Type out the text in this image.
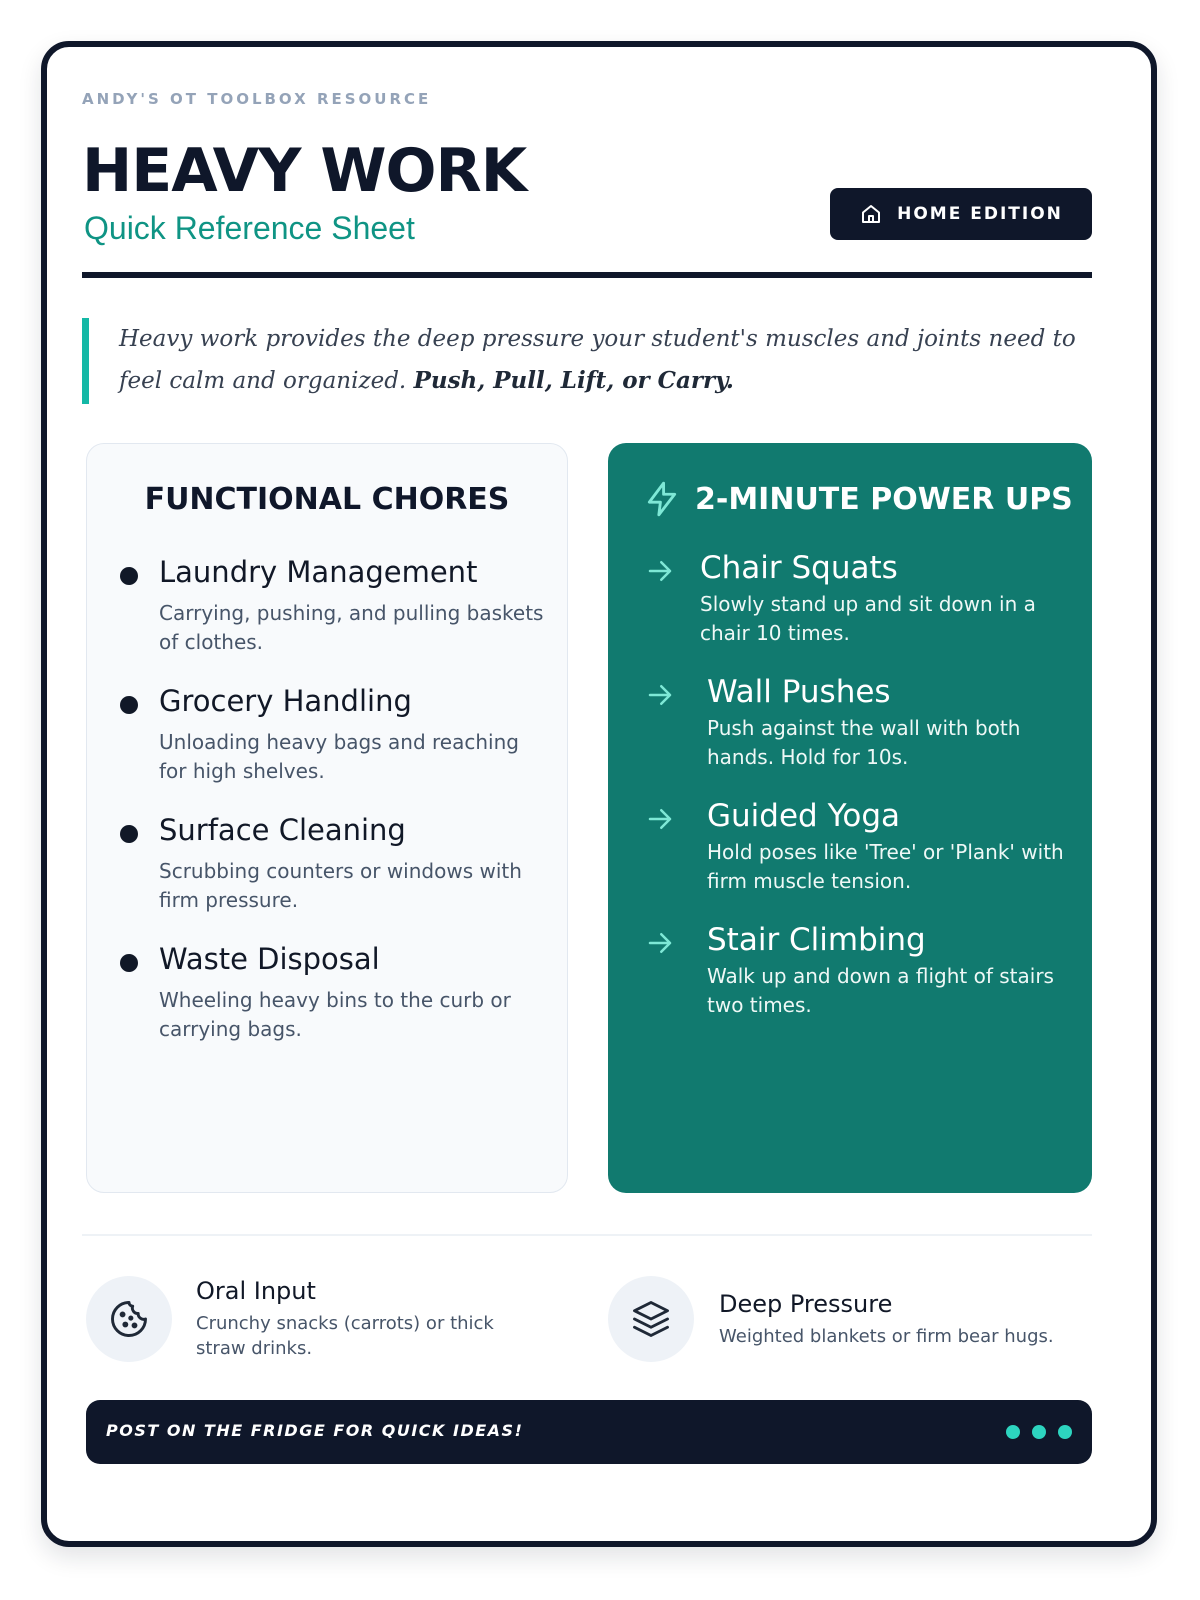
ANDY'S OT TOOLBOX RESOURCE
HEAVY WORK
Quick Reference Sheet	HOME EDITION
Heavy work provides the deep pressure your student's muscles and joints need to feel calm and organized. Push, Pull, Lift, or Carry.
FUNCTIONAL CHORES
Laundry Management
Carrying, pushing, and pulling baskets of clothes.
Grocery Handling
Unloading heavy bags and reaching for high shelves.
Surface Cleaning
Scrubbing counters or windows with firm pressure.
Waste Disposal
Wheeling heavy bins to the curb or carrying bags.
2-MINUTE POWER UPS
Chair Squats
Slowly stand up and sit down in a chair 10 times.
Wall Pushes
Push against the wall with both hands. Hold for 10s.
Guided Yoga
Hold poses like 'Tree' or 'Plank' with firm muscle tension.
Stair Climbing
Walk up and down a flight of stairs two times.
Oral Input
Crunchy snacks (carrots) or thick straw drinks.
Deep Pressure
Weighted blankets or firm bear hugs.
POST ON THE FRIDGE FOR QUICK IDEAS!
